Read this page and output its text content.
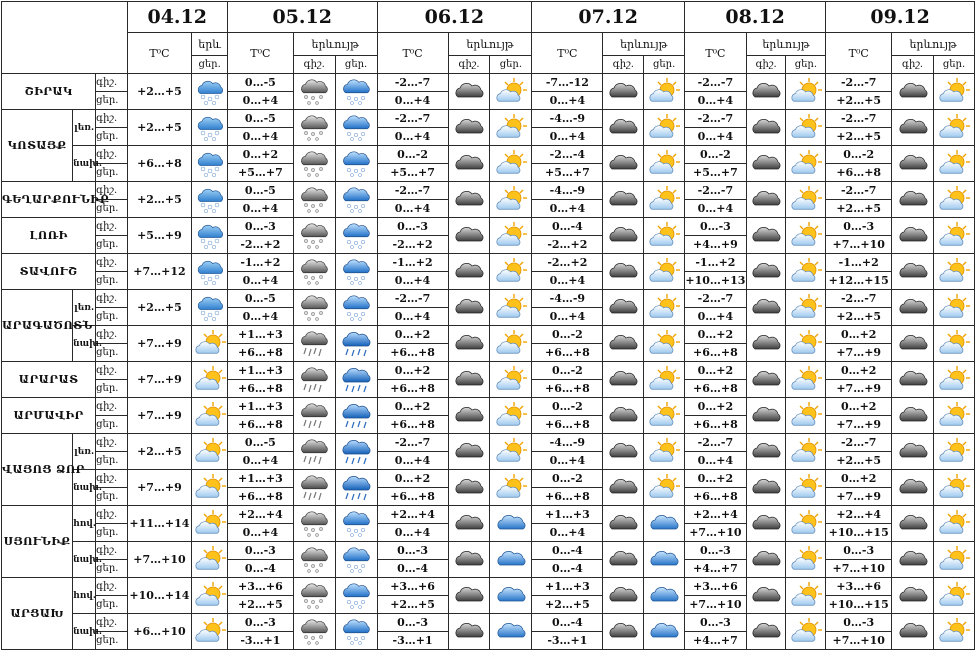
			04.12		05.12			06.12			07.12			08.12			09.12		
			T⁰C	երև	T⁰C	երևույթ		T⁰C	երևույթ		T⁰C	երևույթ		T⁰C	երևույթ		T⁰C	երևույթ	
				ցեր.		գիշ.	ցեր.		գիշ.	ցեր.		գիշ.	ցեր.		գիշ.	ցեր.		գիշ.	ցեր.
ՇԻՐԱԿ		գիշ.	+2…+5		0…-5			-2…-7			-7…-12			-2…-7			-2…-7	

		ցեր.			0…+4			0…+4			0…+4			0…+4			+2…+5		
ԿՈՏԱՅՔ	լեռ.	գիշ.	+2…+5		0…-5			-2…-7			-4…-9			-2…-7			-2…-7	

		ցեր.			0…+4			0…+4			0…+4			0…+4			+2…+5		
	նախ.	գիշ.	+6…+8		0…+2			0…-2			-2…-4			0…-2			0…-2	

		ցեր.			+5…+7			+5…+7			+5…+7			+5…+7			+6…+8		
ԳԵՂԱՐՔՈՒՆԻՔ		գիշ.	+2…+5		0…-5			-2…-7			-4…-9			-2…-7			-2…-7	

		ցեր.			0…+4			0…+4			0…+4			0…+4			+2…+5		
ԼՈՌԻ		գիշ.	+5…+9		0…-3			0…-3			0…-4			0…-3			0…-3	

		ցեր.			-2…+2			-2…+2			-2…+2			+4…+9			+7…+10		
ՏԱՎՈՒՇ		գիշ.	+7…+12		-1…+2			-1…+2			-2…+2			-1…+2			-1…+2	

		ցեր.			0…+4			0…+4			0…+4			+10…+13			+12…+15		
ԱՐԱԳԱԾՈՏՆ	լեռ.	գիշ.	+2…+5		0…-5			-2…-7			-4…-9			-2…-7			-2…-7	

		ցեր.			0…+4			0…+4			0…+4			0…+4			+2…+5		
	նախ.	գիշ.	+7…+9		+1…+3			0…+2			0…-2			0…+2			0…+2	

		ցեր.			+6…+8			+6…+8			+6…+8			+6…+8			+7…+9		
ԱՐԱՐԱՏ		գիշ.	+7…+9		+1…+3			0…+2			0…-2			0…+2			0…+2	

		ցեր.			+6…+8			+6…+8			+6…+8			+6…+8			+7…+9		
ԱՐՄԱՎԻՐ		գիշ.	+7…+9		+1…+3			0…+2			0…-2			0…+2			0…+2	

		ցեր.			+6…+8			+6…+8			+6…+8			+6…+8			+7…+9		
ՎԱՅՈՑ ՁՈՐ	լեռ.	գիշ.	+2…+5		0…-5			-2…-7			-4…-9			-2…-7			-2…-7	

		ցեր.			0…+4			0…+4			0…+4			0…+4			+2…+5		
	նախ.	գիշ.	+7…+9		+1…+3			0…+2			0…-2			0…+2			0…+2	

		ցեր.			+6…+8			+6…+8			+6…+8			+6…+8			+7…+9		
ՍՅՈՒՆԻՔ	հով.	գիշ.	+11…+14		+2…+4			+2…+4			+1…+3			+2…+4			+2…+4	

		ցեր.			0…+4			0…+4			0…+4			+7…+10			+10…+15		
	նախ.	գիշ.	+7…+10		0…-3			0…-3			0…-4			0…-3			0…-3	

		ցեր.			0…-4			0…-4			0…-4			+4…+7			+7…+10		
ԱՐՑԱԽ	հով.	գիշ.	+10…+14		+3…+6			+3…+6			+1…+3			+3…+6			+3…+6	

		ցեր.			+2…+5			+2…+5			+2…+5			+7…+10			+10…+15		
	նախ.	գիշ.	+6…+10		0…-3			0…-3			0…-4			0…-3			0…-3	

		ցեր.			-3…+1			-3…+1			-3…+1			+4…+7			+7…+10		
